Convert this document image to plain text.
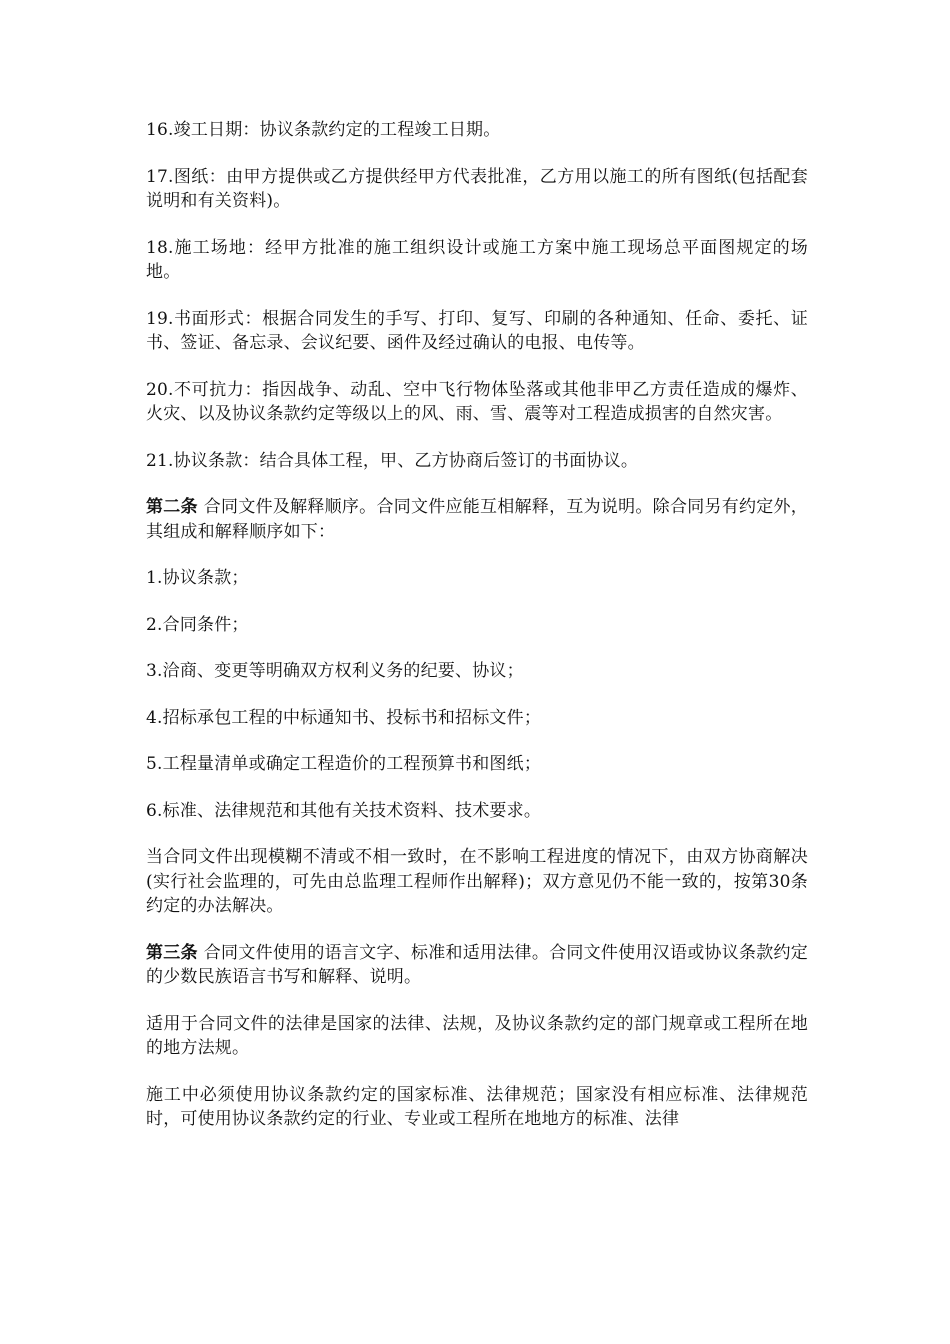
16.竣工日期：协议条款约定的工程竣工日期。

17.图纸：由甲方提供或乙方提供经甲方代表批准，乙方用以施工的所有图纸(包括配套说明和有关资料)。

18.施工场地：经甲方批准的施工组织设计或施工方案中施工现场总平面图规定的场地。

19.书面形式：根据合同发生的手写、打印、复写、印刷的各种通知、任命、委托、证书、签证、备忘录、会议纪要、函件及经过确认的电报、电传等。

20.不可抗力：指因战争、动乱、空中飞行物体坠落或其他非甲乙方责任造成的爆炸、火灾、以及协议条款约定等级以上的风、雨、雪、震等对工程造成损害的自然灾害。

21.协议条款：结合具体工程，甲、乙方协商后签订的书面协议。

第二条 合同文件及解释顺序。合同文件应能互相解释，互为说明。除合同另有约定外，其组成和解释顺序如下：

1.协议条款；

2.合同条件；

3.洽商、变更等明确双方权利义务的纪要、协议；

4.招标承包工程的中标通知书、投标书和招标文件；

5.工程量清单或确定工程造价的工程预算书和图纸；

6.标准、法律规范和其他有关技术资料、技术要求。

当合同文件出现模糊不清或不相一致时，在不影响工程进度的情况下，由双方协商解决(实行社会监理的，可先由总监理工程师作出解释)；双方意见仍不能一致的，按第30条约定的办法解决。

第三条 合同文件使用的语言文字、标准和适用法律。合同文件使用汉语或协议条款约定的少数民族语言书写和解释、说明。

适用于合同文件的法律是国家的法律、法规，及协议条款约定的部门规章或工程所在地的地方法规。

施工中必须使用协议条款约定的国家标准、法律规范；国家没有相应标准、法律规范时，可使用协议条款约定的行业、专业或工程所在地地方的标准、法律
